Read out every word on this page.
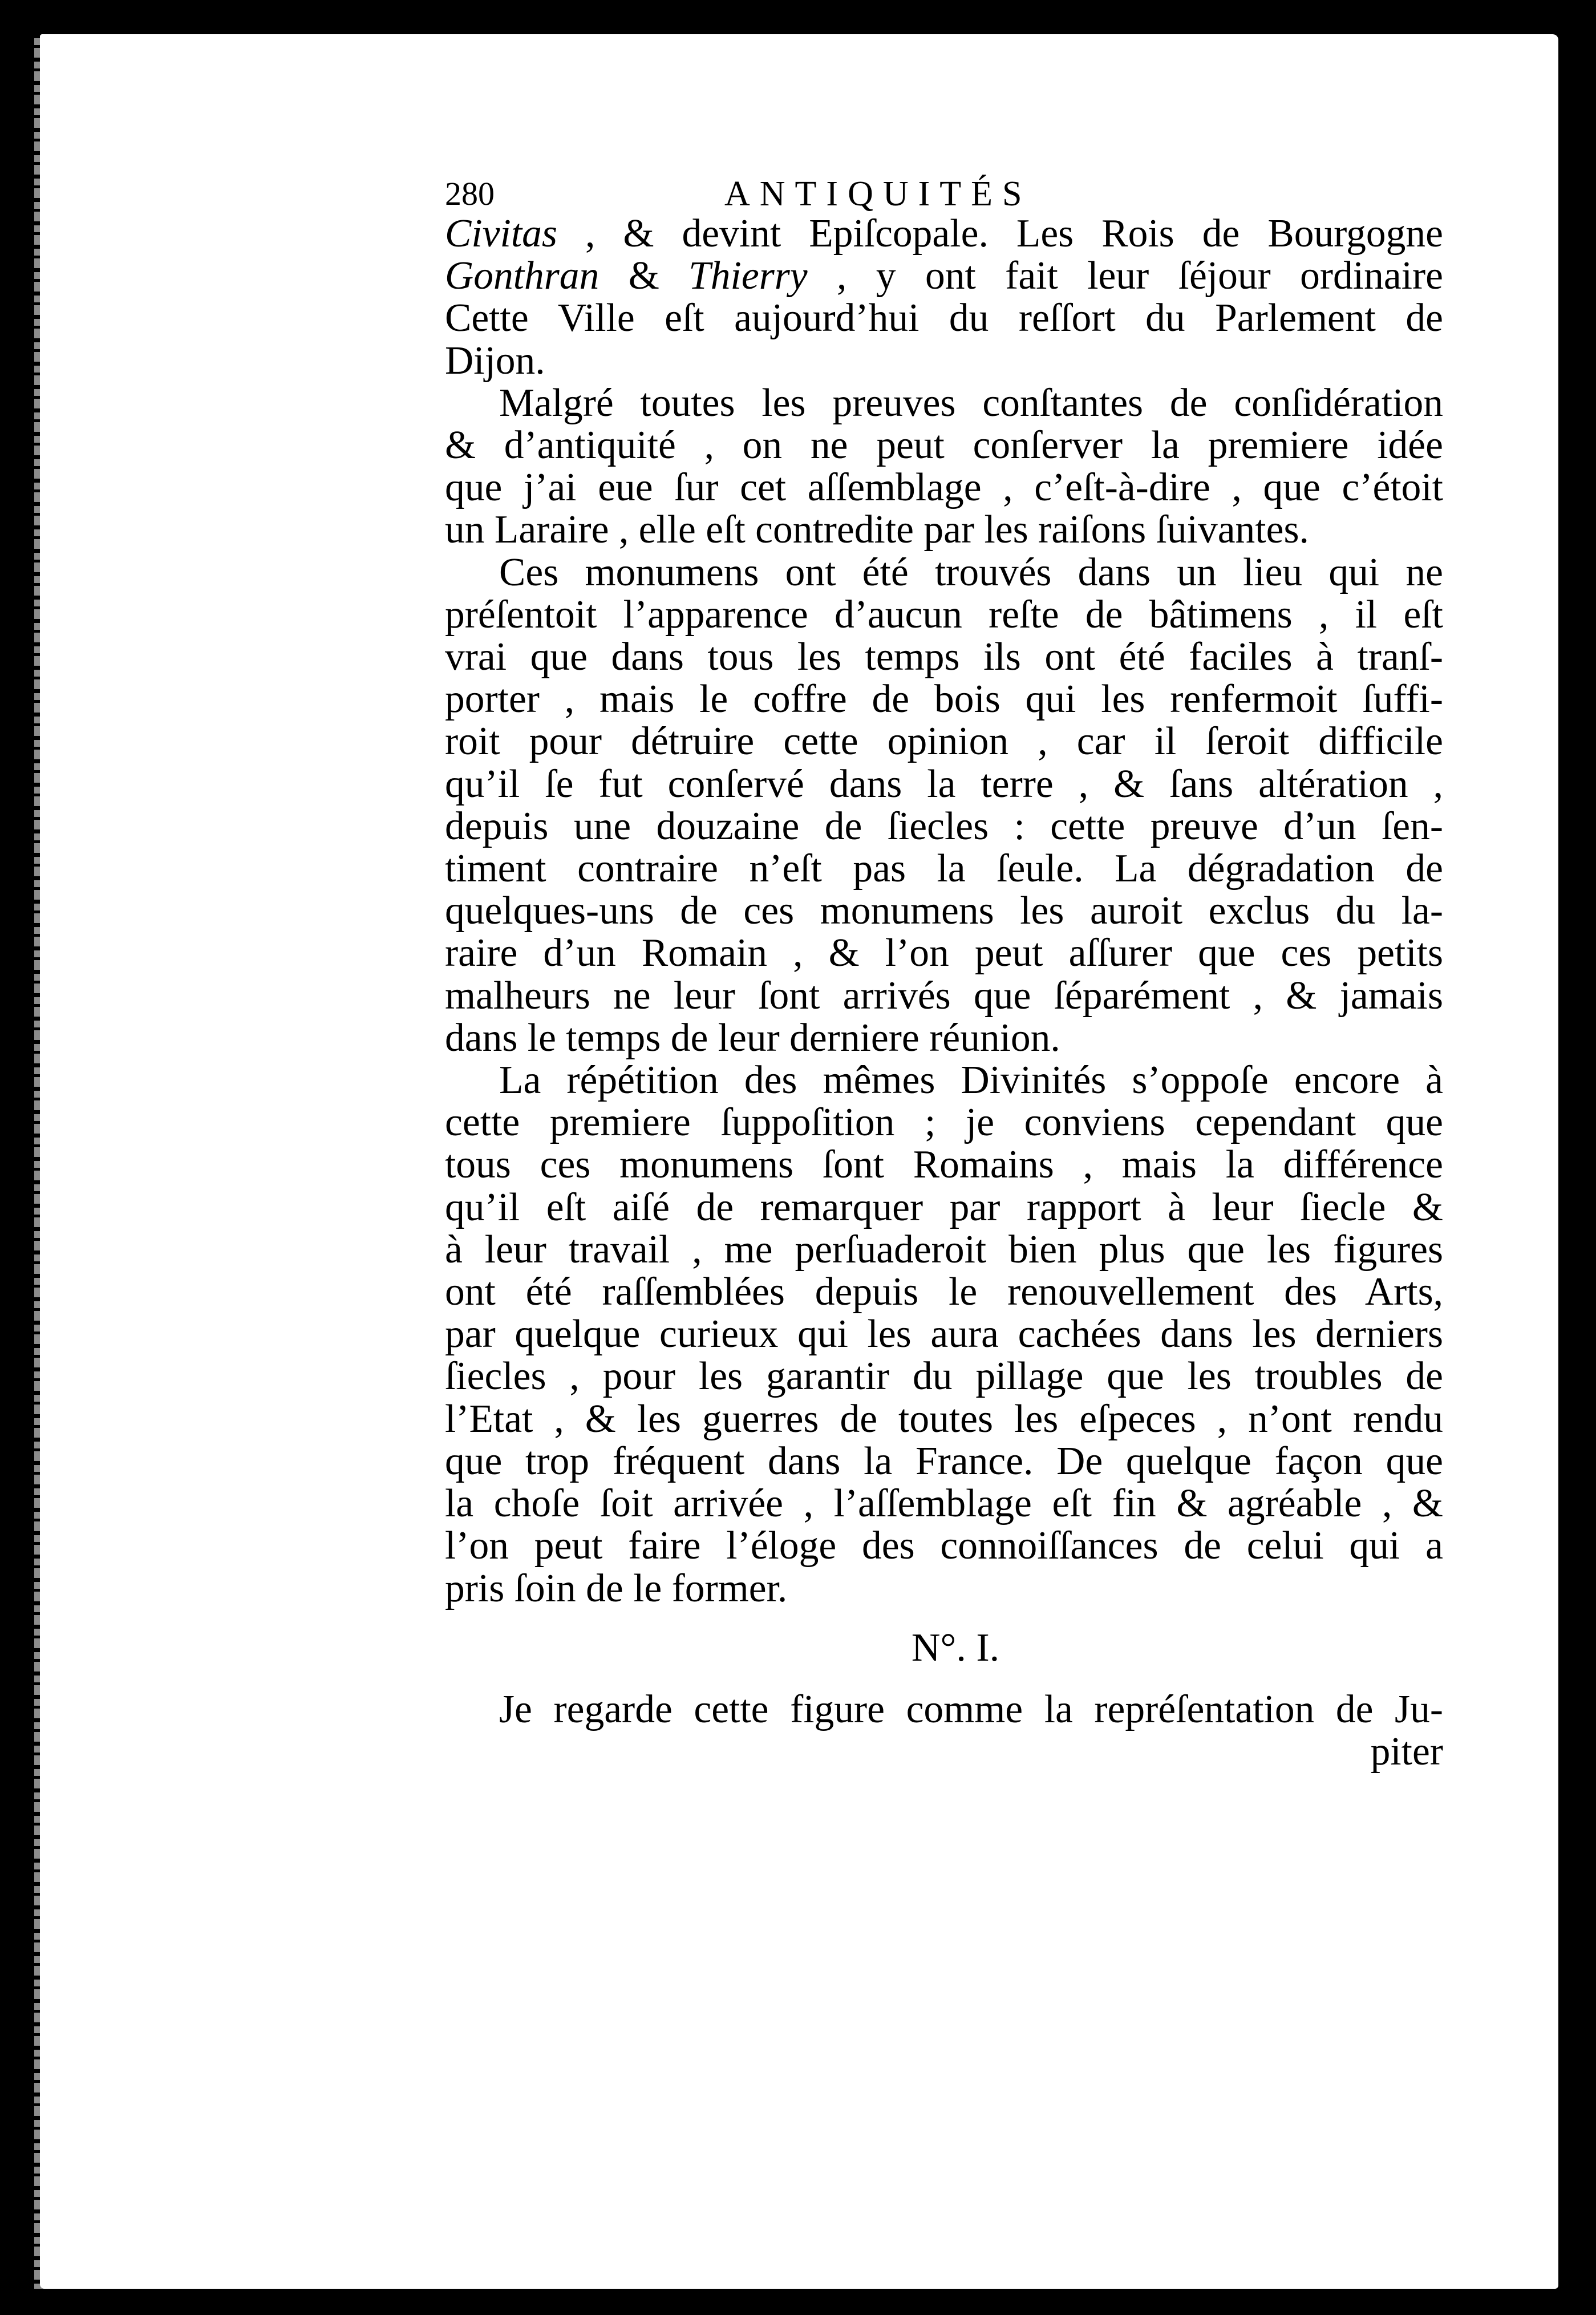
280	ANTIQUITÉS

Civitas , & devint Epiſcopale. Les Rois de Bourgogne
Gonthran & Thierry , y ont fait leur ſéjour ordinaire
Cette Ville eſt aujourd’hui du reſſort du Parlement de
Dijon.

Malgré toutes les preuves conſtantes de conſidération
& d’antiquité , on ne peut conſerver la premiere idée
que j’ai eue ſur cet aſſemblage , c’eſt-à-dire , que c’étoit
un Laraire , elle eſt contredite par les raiſons ſuivantes.

Ces monumens ont été trouvés dans un lieu qui ne
préſentoit l’apparence d’aucun reſte de bâtimens , il eſt
vrai que dans tous les temps ils ont été faciles à tranſ-
porter , mais le coffre de bois qui les renfermoit ſuffi-
roit pour détruire cette opinion , car il ſeroit difficile
qu’il ſe fut conſervé dans la terre , & ſans altération ,
depuis une douzaine de ſiecles : cette preuve d’un ſen-
timent contraire n’eſt pas la ſeule. La dégradation de
quelques-uns de ces monumens les auroit exclus du la-
raire d’un Romain , & l’on peut aſſurer que ces petits
malheurs ne leur ſont arrivés que ſéparément , & jamais
dans le temps de leur derniere réunion.

La répétition des mêmes Divinités s’oppoſe encore à
cette premiere ſuppoſition ; je conviens cependant que
tous ces monumens ſont Romains , mais la différence
qu’il eſt aiſé de remarquer par rapport à leur ſiecle &
à leur travail , me perſuaderoit bien plus que les figures
ont été raſſemblées depuis le renouvellement des Arts,
par quelque curieux qui les aura cachées dans les derniers
ſiecles , pour les garantir du pillage que les troubles de
l’Etat , & les guerres de toutes les eſpeces , n’ont rendu
que trop fréquent dans la France. De quelque façon que
la choſe ſoit arrivée , l’aſſemblage eſt fin & agréable , &
l’on peut faire l’éloge des connoiſſances de celui qui a
pris ſoin de le former.

N°. I.

Je regarde cette figure comme la repréſentation de Ju-
piter
